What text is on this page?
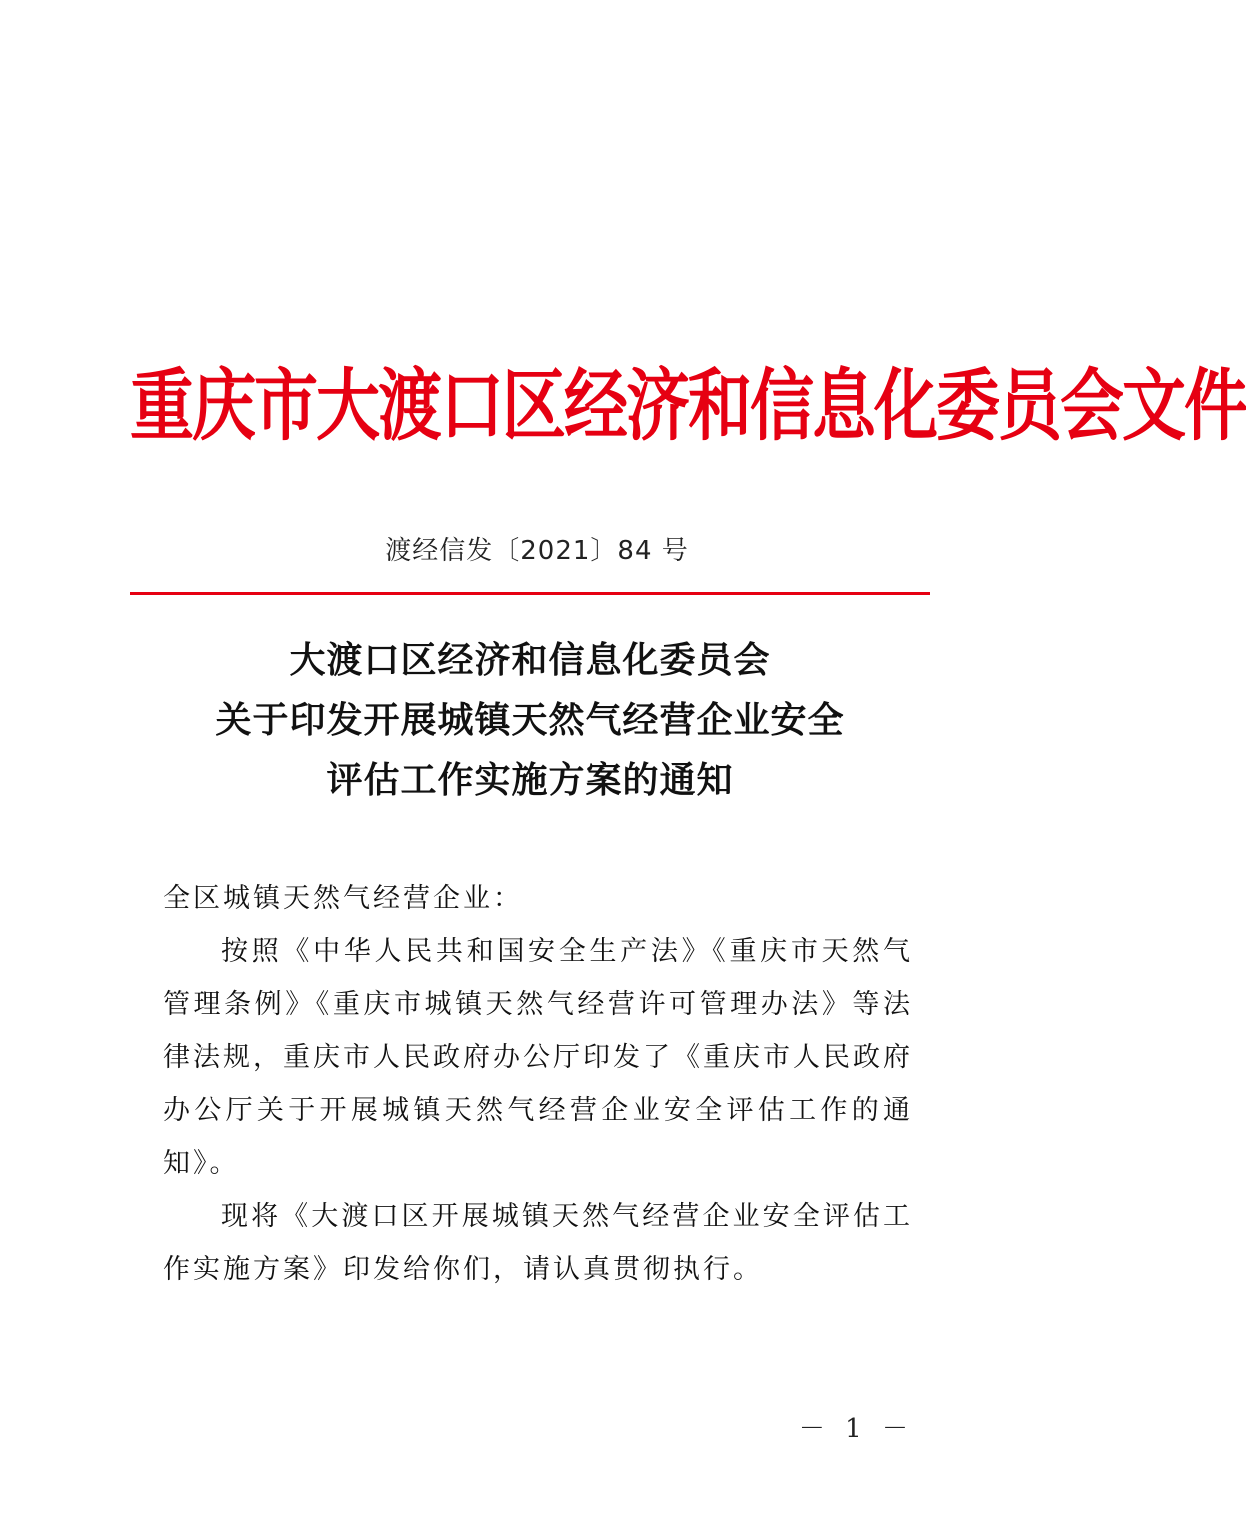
重庆市大渡口区经济和信息化委员会文件
渡经信发〔2021〕84 号
大渡口区经济和信息化委员会
关于印发开展城镇天然气经营企业安全
评估工作实施方案的通知

全区城镇天然气经营企业：

按照《中华人民共和国安全生产法》《重庆市天然气管理条例》《重庆市城镇天然气经营许可管理办法》等法律法规，重庆市人民政府办公厅印发了《重庆市人民政府办公厅关于开展城镇天然气经营企业安全评估工作的通知》。

现将《大渡口区开展城镇天然气经营企业安全评估工作实施方案》印发给你们，请认真贯彻执行。

－ 1 －
